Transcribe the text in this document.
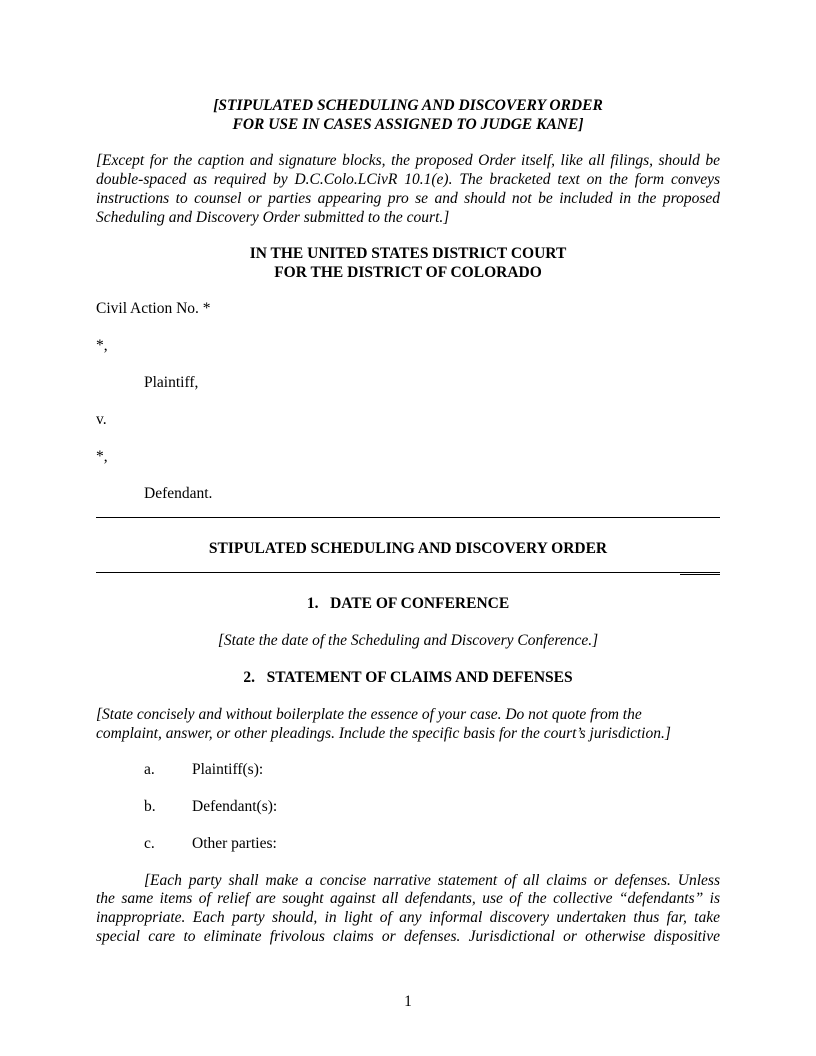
[STIPULATED SCHEDULING AND DISCOVERY ORDER

FOR USE IN CASES ASSIGNED TO JUDGE KANE]

[Except for the caption and signature blocks, the proposed Order itself, like all filings, should be

double-spaced as required by D.C.Colo.LCivR 10.1(e). The bracketed text on the form conveys

instructions to counsel or parties appearing pro se and should not be included in the proposed

Scheduling and Discovery Order submitted to the court.]

IN THE UNITED STATES DISTRICT COURT

FOR THE DISTRICT OF COLORADO

Civil Action No. *

*,

Plaintiff,

v.

*,

Defendant.

STIPULATED SCHEDULING AND DISCOVERY ORDER

1.   DATE OF CONFERENCE

[State the date of the Scheduling and Discovery Conference.]

2.   STATEMENT OF CLAIMS AND DEFENSES

[State concisely and without boilerplate the essence of your case. Do not quote from the

complaint, answer, or other pleadings. Include the specific basis for the court’s jurisdiction.]

a.	Plaintiff(s):

b.	Defendant(s):

c.	Other parties:

[Each party shall make a concise narrative statement of all claims or defenses. Unless

the same items of relief are sought against all defendants, use of the collective “defendants” is

inappropriate. Each party should, in light of any informal discovery undertaken thus far, take

special care to eliminate frivolous claims or defenses. Jurisdictional or otherwise dispositive

1
